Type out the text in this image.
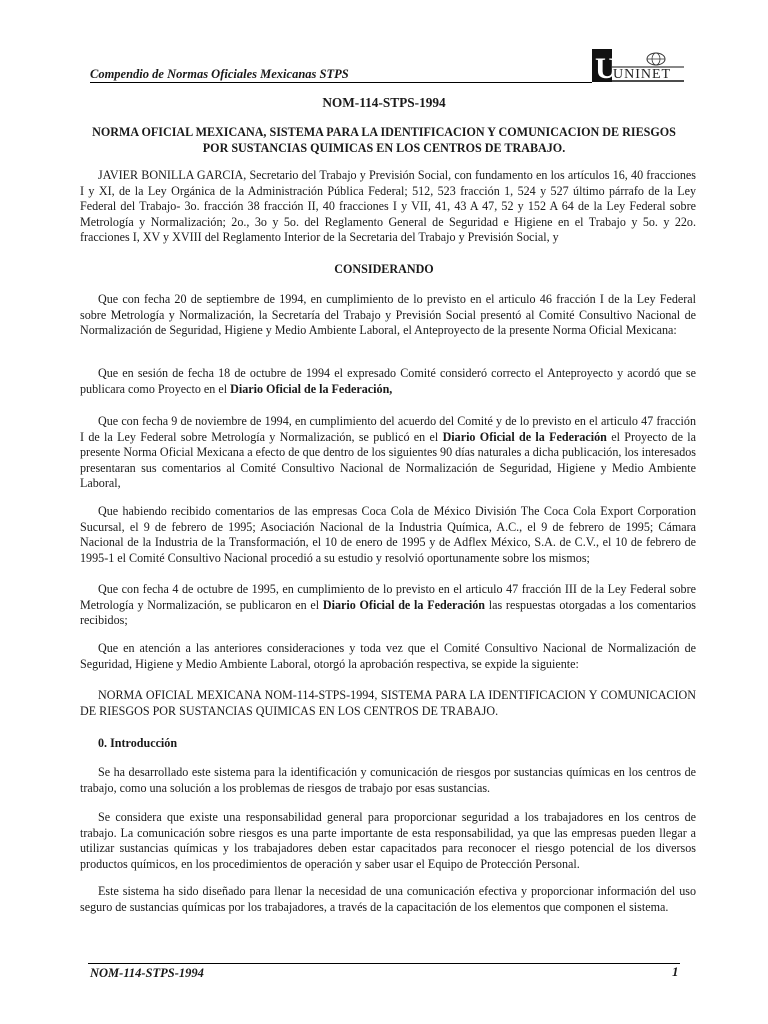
Compendio de Normas Oficiales Mexicanas STPS	U
UNINET
NOM-114-STPS-1994
NORMA OFICIAL MEXICANA, SISTEMA PARA LA IDENTIFICACION Y COMUNICACION DE RIESGOS POR SUSTANCIAS QUIMICAS EN LOS CENTROS DE TRABAJO.

JAVIER BONILLA GARCIA, Secretario del Trabajo y Previsión Social, con fundamento en los artículos 16, 40 fracciones I y XI, de la Ley Orgánica de la Administración Pública Federal; 512, 523 fracción 1, 524 y 527 último párrafo de la Ley Federal del Trabajo- 3o. fracción 38 fracción II, 40 fracciones I y VII, 41, 43 A 47, 52 y 152 A 64 de la Ley Federal sobre Metrología y Normalización; 2o., 3o y 5o. del Reglamento General de Seguridad e Higiene en el Trabajo y 5o. y 22o. fracciones I, XV y XVIII del Reglamento Interior de la Secretaria del Trabajo y Previsión Social, y

CONSIDERANDO

Que con fecha 20 de septiembre de 1994, en cumplimiento de lo previsto en el articulo 46 fracción I de la Ley Federal sobre Metrología y Normalización, la Secretaría del Trabajo y Previsión Social presentó al Comité Consultivo Nacional de Normalización de Seguridad, Higiene y Medio Ambiente Laboral, el Anteproyecto de la presente Norma Oficial Mexicana:

Que en sesión de fecha 18 de octubre de 1994 el expresado Comité consideró correcto el Anteproyecto y acordó que se publicara como Proyecto en el Diario Oficial de la Federación,

Que con fecha 9 de noviembre de 1994, en cumplimiento del acuerdo del Comité y de lo previsto en el articulo 47 fracción I de la Ley Federal sobre Metrología y Normalización, se publicó en el Diario Oficial de la Federación el Proyecto de la presente Norma Oficial Mexicana a efecto de que dentro de los siguientes 90 días naturales a dicha publicación, los interesados presentaran sus comentarios al Comité Consultivo Nacional de Normalización de Seguridad, Higiene y Medio Ambiente Laboral,

Que habiendo recibido comentarios de las empresas Coca Cola de México División The Coca Cola Export Corporation Sucursal, el 9 de febrero de 1995; Asociación Nacional de la Industria Química, A.C., el 9 de febrero de 1995; Cámara Nacional de la Industria de la Transformación, el 10 de enero de 1995 y de Adflex México, S.A. de C.V., el 10 de febrero de 1995-1 el Comité Consultivo Nacional procedió a su estudio y resolvió oportunamente sobre los mismos;

Que con fecha 4 de octubre de 1995, en cumplimiento de lo previsto en el articulo 47 fracción III de la Ley Federal sobre Metrología y Normalización, se publicaron en el Diario Oficial de la Federación las respuestas otorgadas a los comentarios recibidos;

Que en atención a las anteriores consideraciones y toda vez que el Comité Consultivo Nacional de Normalización de Seguridad, Higiene y Medio Ambiente Laboral, otorgó la aprobación respectiva, se expide la siguiente:

NORMA OFICIAL MEXICANA NOM-114-STPS-1994, SISTEMA PARA LA IDENTIFICACION Y COMUNICACION DE RIESGOS POR SUSTANCIAS QUIMICAS EN LOS CENTROS DE TRABAJO.

0. Introducción

Se ha desarrollado este sistema para la identificación y comunicación de riesgos por sustancias químicas en los centros de trabajo, como una solución a los problemas de riesgos de trabajo por esas sustancias.

Se considera que existe una responsabilidad general para proporcionar seguridad a los trabajadores en los centros de trabajo. La comunicación sobre riesgos es una parte importante de esta responsabilidad, ya que las empresas pueden llegar a utilizar sustancias químicas y los trabajadores deben estar capacitados para reconocer el riesgo potencial de los diversos productos químicos, en los procedimientos de operación y saber usar el Equipo de Protección Personal.

Este sistema ha sido diseñado para llenar la necesidad de una comunicación efectiva y proporcionar información del uso seguro de sustancias químicas por los trabajadores, a través de la capacitación de los elementos que componen el sistema.

NOM-114-STPS-1994	1
